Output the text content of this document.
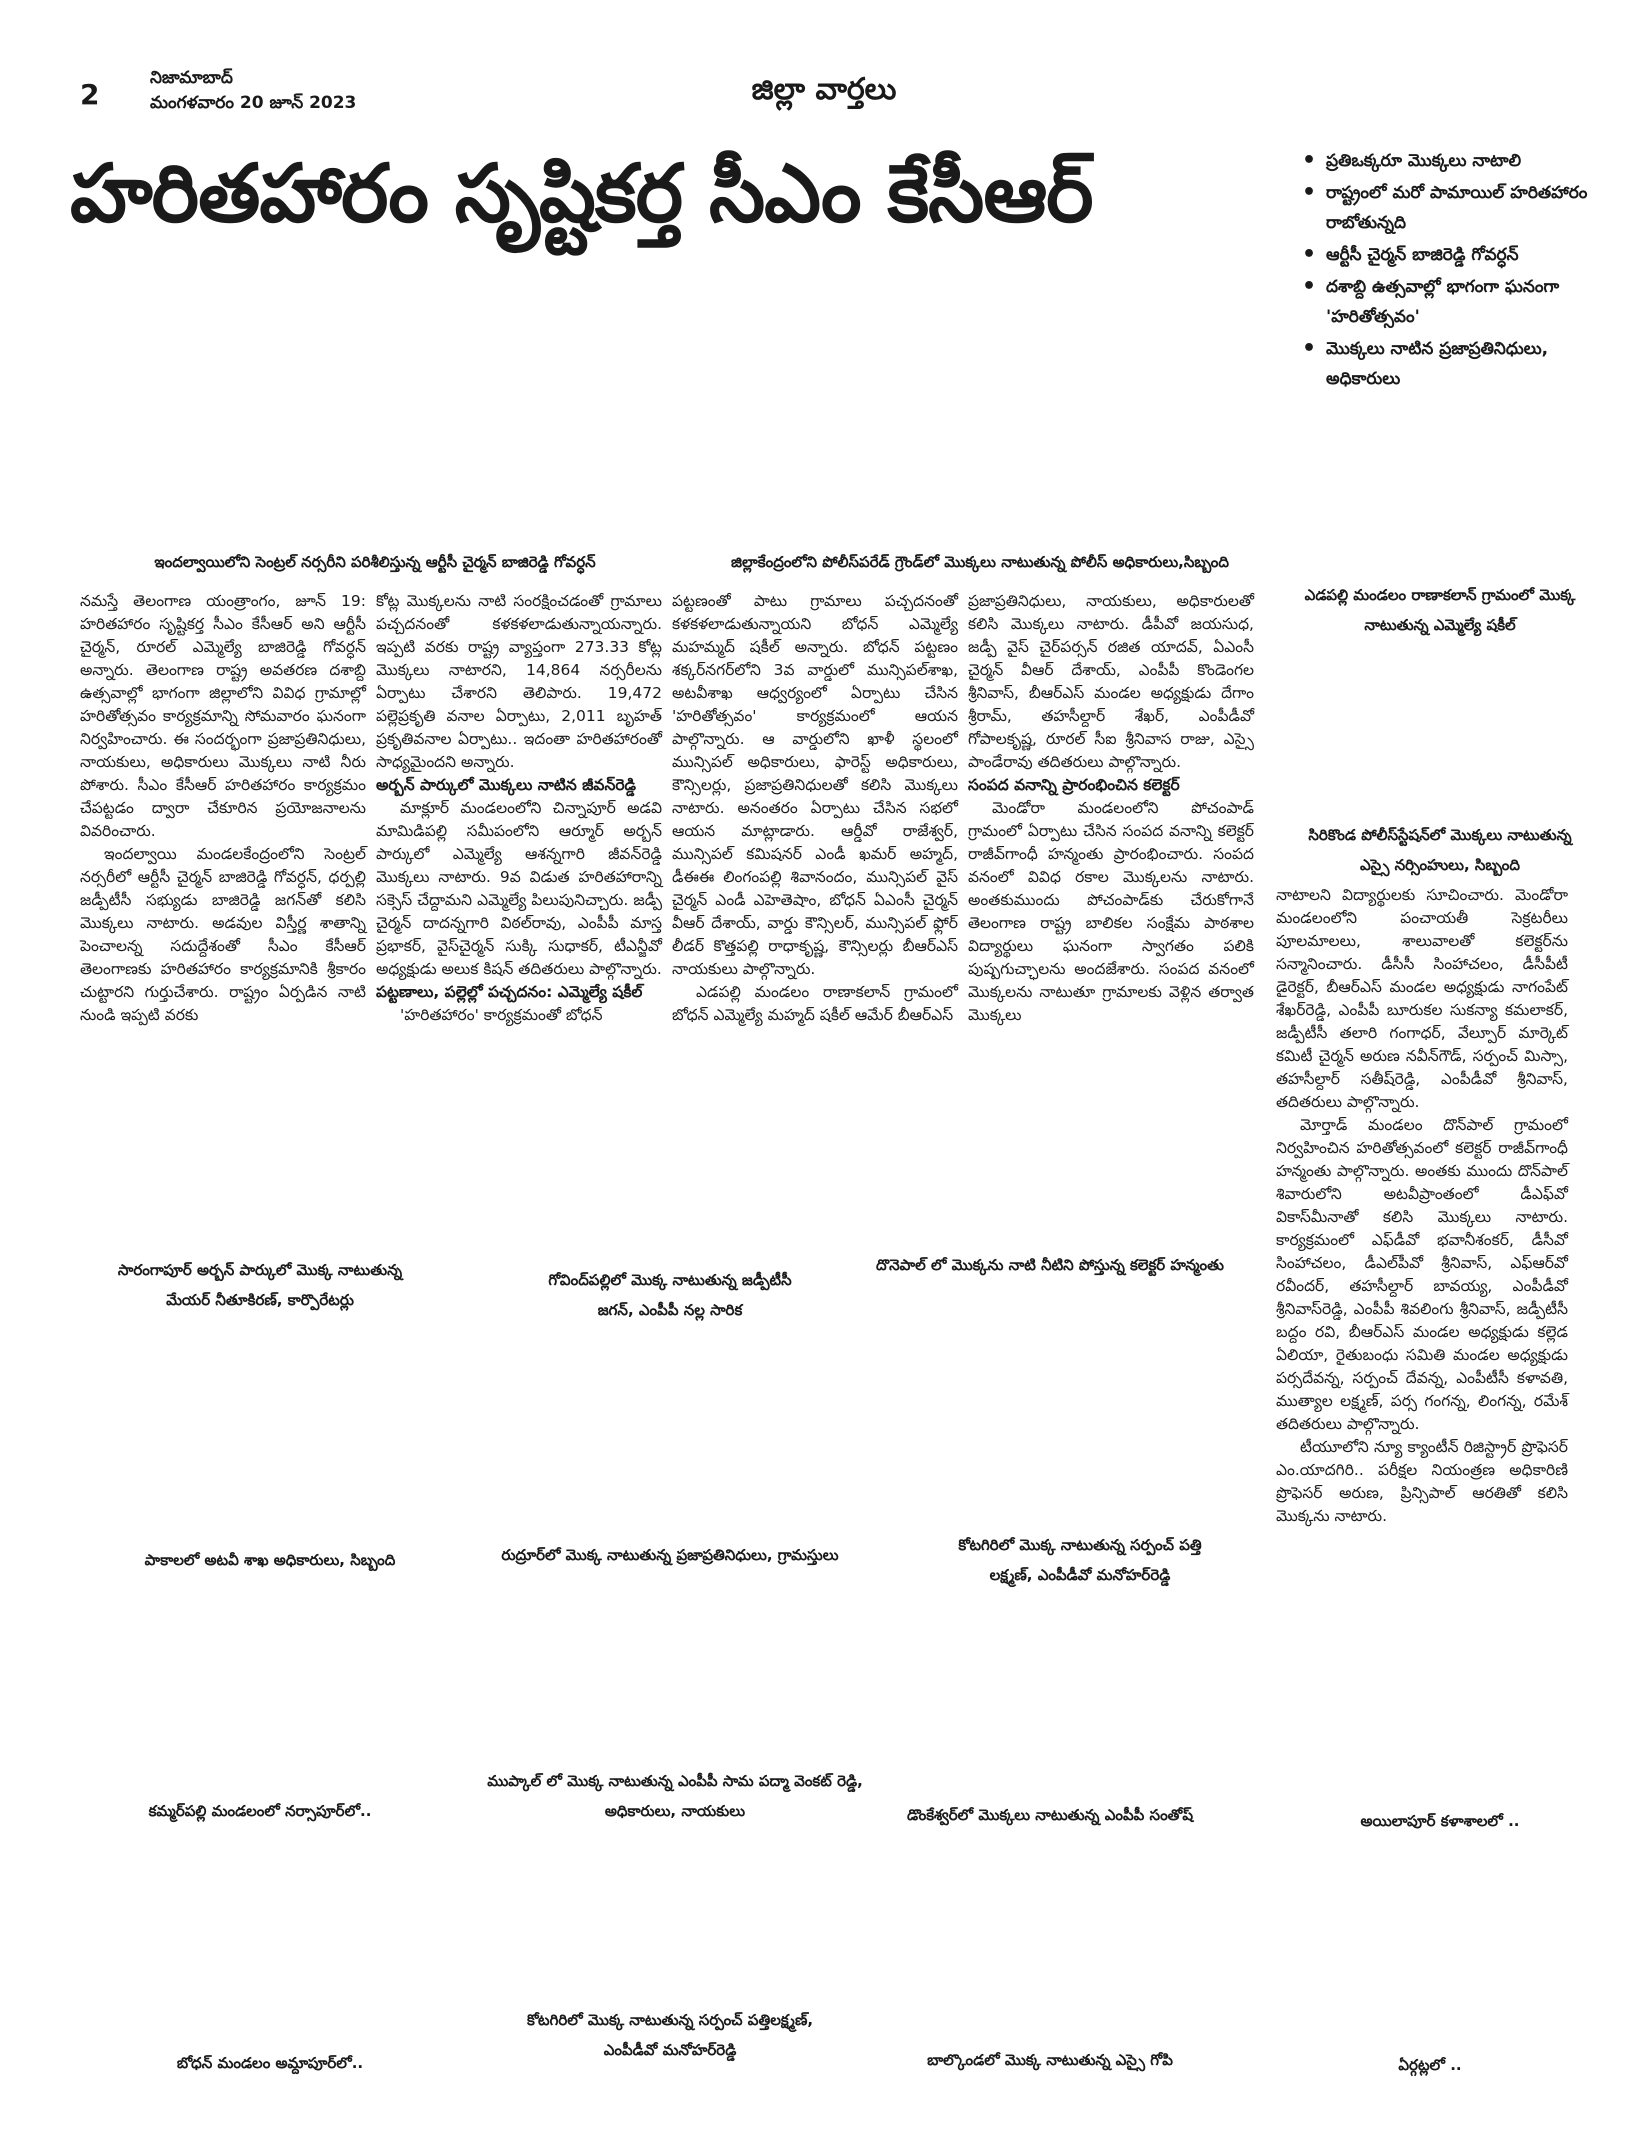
2	నిజామాబాద్
మంగళవారం 20 జూన్ 2023	జిల్లా వార్తలు
హరితహారం సృష్టికర్త సీఎం కేసీఆర్
•	ప్రతిఒక్కరూ మొక్కలు నాటాలి
• రాష్ట్రంలో మరో పామాయిల్ హరితహారం రాబోతున్నది
• ఆర్టీసీ చైర్మన్ బాజిరెడ్డి గోవర్ధన్
• దశాబ్ది ఉత్సవాల్లో భాగంగా ఘనంగా 'హరితోత్సవం'
• మొక్కలు నాటిన ప్రజాప్రతినిధులు, అధికారులు
ఇందల్వాయిలోని సెంట్రల్ నర్సరీని పరిశీలిస్తున్న ఆర్టీసీ చైర్మన్ బాజిరెడ్డి గోవర్ధన్	జిల్లాకేంద్రంలోని పోలీస్‌పరేడ్ గ్రౌండ్‌లో మొక్కలు నాటుతున్న పోలీస్ అధికారులు,సిబ్బంది
ఎడపల్లి మండలం రాణాకలాన్ గ్రామంలో మొక్క నాటుతున్న ఎమ్మెల్యే షకీల్
సిరికొండ పోలీస్‌స్టేషన్‌లో మొక్కలు నాటుతున్న ఎస్సై నర్సింహులు, సిబ్బంది
సారంగాపూర్ అర్బన్ పార్కులో మొక్క నాటుతున్న మేయర్ నీతూకిరణ్, కార్పొరేటర్లు
గోవింద్‌పల్లిలో మొక్క నాటుతున్న జడ్పీటీసీ జగన్, ఎంపీపీ నల్ల సారిక
దొనెపాల్ లో మొక్కను నాటి నీటిని పోస్తున్న కలెక్టర్ హన్మంతు
పాకాలలో అటవీ శాఖ అధికారులు, సిబ్బంది	రుద్రూర్‌లో మొక్క నాటుతున్న ప్రజాప్రతినిధులు, గ్రామస్తులు
కోటగిరిలో మొక్క నాటుతున్న సర్పంచ్ పత్తి లక్ష్మణ్, ఎంపీడీవో మనోహర్‌రెడ్డి
కమ్మర్‌పల్లి మండలంలో నర్సాపూర్‌లో..
ముప్కాల్ లో మొక్క నాటుతున్న ఎంపీపీ సామ పద్మా వెంకట్ రెడ్డి, అధికారులు, నాయకులు	డొంకేశ్వర్‌లో మొక్కలు నాటుతున్న ఎంపీపీ సంతోష్	అయిలాపూర్ కళాశాలలో ..
బోధన్ మండలం అమ్దాపూర్‌లో..
కోటగిరిలో మొక్క నాటుతున్న సర్పంచ్ పత్తిలక్ష్మణ్, ఎంపీడీవో మనోహర్‌రెడ్డి
బాల్కొండలో మొక్క నాటుతున్న ఎస్సై గోపి	ఏర్గట్లలో ..

నమస్తే తెలంగాణ యంత్రాంగం, జూన్ 19: హరితహారం సృష్టికర్త సీఎం కేసీఆర్ అని ఆర్టీసీ చైర్మన్, రూరల్ ఎమ్మెల్యే బాజిరెడ్డి గోవర్ధన్ అన్నారు. తెలంగాణ రాష్ట్ర అవతరణ దశాబ్ది ఉత్సవాల్లో భాగంగా జిల్లాలోని వివిధ గ్రామాల్లో హరితోత్సవం కార్యక్రమాన్ని సోమవారం ఘనంగా నిర్వహించారు. ఈ సందర్భంగా ప్రజాప్రతినిధులు, నాయకులు, అధికారులు మొక్కలు నాటి నీరు పోశారు. సీఎం కేసీఆర్ హరితహారం కార్యక్రమం చేపట్టడం ద్వారా చేకూరిన ప్రయోజనాలను వివరించారు.

ఇందల్వాయి మండలకేంద్రంలోని సెంట్రల్ నర్సరీలో ఆర్టీసీ చైర్మన్ బాజిరెడ్డి గోవర్ధన్, ధర్పల్లి జడ్పీటీసీ సభ్యుడు బాజిరెడ్డి జగన్‌తో కలిసి మొక్కలు నాటారు. అడవుల విస్తీర్ణ శాతాన్ని పెంచాలన్న సదుద్దేశంతో సీఎం కేసీఆర్ తెలంగాణకు హరితహారం కార్యక్రమానికి శ్రీకారం చుట్టారని గుర్తుచేశారు. రాష్ట్రం ఏర్పడిన నాటి నుండి ఇప్పటి వరకు

కోట్ల మొక్కలను నాటి సంరక్షించడంతో గ్రామాలు పచ్చదనంతో కళకళలాడుతున్నాయన్నారు. ఇప్పటి వరకు రాష్ట్ర వ్యాప్తంగా 273.33 కోట్ల మొక్కలు నాటారని, 14,864 నర్సరీలను ఏర్పాటు చేశారని తెలిపారు. 19,472 పల్లెప్రకృతి వనాల ఏర్పాటు, 2,011 బృహత్ ప్రకృతివనాల ఏర్పాటు.. ఇదంతా హరితహారంతో సాధ్యమైందని అన్నారు.

అర్బన్ పార్కులో మొక్కలు నాటిన జీవన్‌రెడ్డి

మాక్లూర్ మండలంలోని చిన్నాపూర్ అడవి మామిడిపల్లి సమీపంలోని ఆర్మూర్ అర్బన్ పార్కులో ఎమ్మెల్యే ఆశన్నగారి జీవన్‌రెడ్డి మొక్కలు నాటారు. 9వ విడుత హరితహారాన్ని సక్సెస్ చేద్దామని ఎమ్మెల్యే పిలుపునిచ్చారు. జడ్పీ చైర్మన్ దాదన్నగారి విఠల్‌రావు, ఎంపీపీ మాస్త ప్రభాకర్, వైస్‌చైర్మన్ సుక్కి సుధాకర్, టీఎన్జీవో అధ్యక్షుడు అలుక కిషన్ తదితరులు పాల్గొన్నారు.

పట్టణాలు, పల్లెల్లో పచ్చదనం: ఎమ్మెల్యే షకీల్

'హరితహారం' కార్యక్రమంతో బోధన్

పట్టణంతో పాటు గ్రామాలు పచ్చదనంతో కళకళలాడుతున్నాయని బోధన్ ఎమ్మెల్యే మహమ్మద్ షకీల్ అన్నారు. బోధన్ పట్టణం శక్కర్‌నగర్‌లోని 3వ వార్డులో మున్సిపల్‌శాఖ, అటవీశాఖ ఆధ్వర్యంలో ఏర్పాటు చేసిన 'హరితోత్సవం' కార్యక్రమంలో ఆయన పాల్గొన్నారు. ఆ వార్డులోని ఖాళీ స్థలంలో మున్సిపల్ అధికారులు, ఫారెస్ట్ అధికారులు, కౌన్సిలర్లు, ప్రజాప్రతినిధులతో కలిసి మొక్కలు నాటారు. అనంతరం ఏర్పాటు చేసిన సభలో ఆయన మాట్లాడారు. ఆర్డీవో రాజేశ్వర్, మున్సిపల్ కమిషనర్ ఎండీ ఖమర్ అహ్మద్, డీఈఈ లింగంపల్లి శివానందం, మున్సిపల్ వైస్ చైర్మన్ ఎండీ ఎహెతెషాం, బోధన్ ఏఎంసీ చైర్మన్ వీఆర్ దేశాయ్, వార్డు కౌన్సిలర్, మున్సిపల్ ఫ్లోర్ లీడర్ కొత్తపల్లి రాధాకృష్ణ, కౌన్సిలర్లు బీఆర్‌ఎస్ నాయకులు పాల్గొన్నారు.

ఎడపల్లి మండలం రాణాకలాన్ గ్రామంలో బోధన్ ఎమ్మెల్యే మహ్మద్ షకీల్ ఆమేర్ బీఆర్‌ఎస్

ప్రజాప్రతినిధులు, నాయకులు, అధికారులతో కలిసి మొక్కలు నాటారు. డీపీవో జయసుధ, జడ్పీ వైస్ చైర్‌పర్సన్ రజిత యాదవ్, ఏఎంసీ చైర్మన్ వీఆర్ దేశాయ్, ఎంపీపీ కొండెంగల శ్రీనివాస్, బీఆర్‌ఎస్ మండల అధ్యక్షుడు దేగాం శ్రీరామ్, తహసీల్దార్ శేఖర్, ఎంపీడీవో గోపాలకృష్ణ, రూరల్ సీఐ శ్రీనివాస రాజు, ఎస్సై పాండేరావు తదితరులు పాల్గొన్నారు.

సంపద వనాన్ని ప్రారంభించిన కలెక్టర్

మెండోరా మండలంలోని పోచంపాడ్ గ్రామంలో ఏర్పాటు చేసిన సంపద వనాన్ని కలెక్టర్ రాజీవ్‌గాంధీ హన్మంతు ప్రారంభించారు. సంపద వనంలో వివిధ రకాల మొక్కలను నాటారు. అంతకుముందు పోచంపాడ్‌కు చేరుకోగానే తెలంగాణ రాష్ట్ర బాలికల సంక్షేమ పాఠశాల విద్యార్థులు ఘనంగా స్వాగతం పలికి పుష్పగుచ్ఛాలను అందజేశారు. సంపద వనంలో మొక్కలను నాటుతూ గ్రామాలకు వెళ్లిన తర్వాత మొక్కలు

నాటాలని విద్యార్థులకు సూచించారు. మెండోరా మండలంలోని పంచాయతీ సెక్రటరీలు పూలమాలలు, శాలువాలతో కలెక్టర్‌ను సన్మానించారు. డీసీసీ సింహాచలం, డీసీపీటీ డైరెక్టర్, బీఆర్‌ఎస్ మండల అధ్యక్షుడు నాగంపేట్ శేఖర్‌రెడ్డి, ఎంపీపీ బూరుకల సుకన్యా కమలాకర్, జడ్పీటీసీ తలారి గంగాధర్, వేల్పూర్ మార్కెట్ కమిటీ చైర్మన్ అరుణ నవీన్‌గౌడ్, సర్పంచ్ మిస్సా, తహసీల్దార్ సతీష్‌రెడ్డి, ఎంపీడీవో శ్రీనివాస్, తదితరులు పాల్గొన్నారు.

మోర్తాడ్ మండలం దొన్‌పాల్ గ్రామంలో నిర్వహించిన హరితోత్సవంలో కలెక్టర్ రాజీవ్‌గాంధీ హన్మంతు పాల్గొన్నారు. అంతకు ముందు దొన్‌పాల్ శివారులోని అటవీప్రాంతంలో డీఎఫ్‌వో వికాస్‌మీనాతో కలిసి మొక్కలు నాటారు. కార్యక్రమంలో ఎఫ్‌డీవో భవానీశంకర్, డీసీవో సింహాచలం, డీఎల్‌పీవో శ్రీనివాస్, ఎఫ్‌ఆర్‌వో రవీందర్, తహసీల్దార్ బావయ్య, ఎంపీడీవో శ్రీనివాస్‌రెడ్డి, ఎంపీపీ శివలింగు శ్రీనివాస్, జడ్పీటీసీ బద్దం రవి, బీఆర్‌ఎస్ మండల అధ్యక్షుడు కల్లెడ ఏలియా, రైతుబంధు సమితి మండల అధ్యక్షుడు పర్సదేవన్న, సర్పంచ్ దేవన్న, ఎంపీటీసీ కళావతి, ముత్యాల లక్ష్మణ్, పర్స గంగన్న, లింగన్న, రమేశ్ తదితరులు పాల్గొన్నారు.

టీయూలోని న్యూ క్యాంటీన్ రిజిస్ట్రార్ ప్రొఫెసర్ ఎం.యాదగిరి.. పరీక్షల నియంత్రణ అధికారిణి ప్రొఫెసర్ అరుణ, ప్రిన్సిపాల్ ఆరతితో కలిసి మొక్కను నాటారు.
